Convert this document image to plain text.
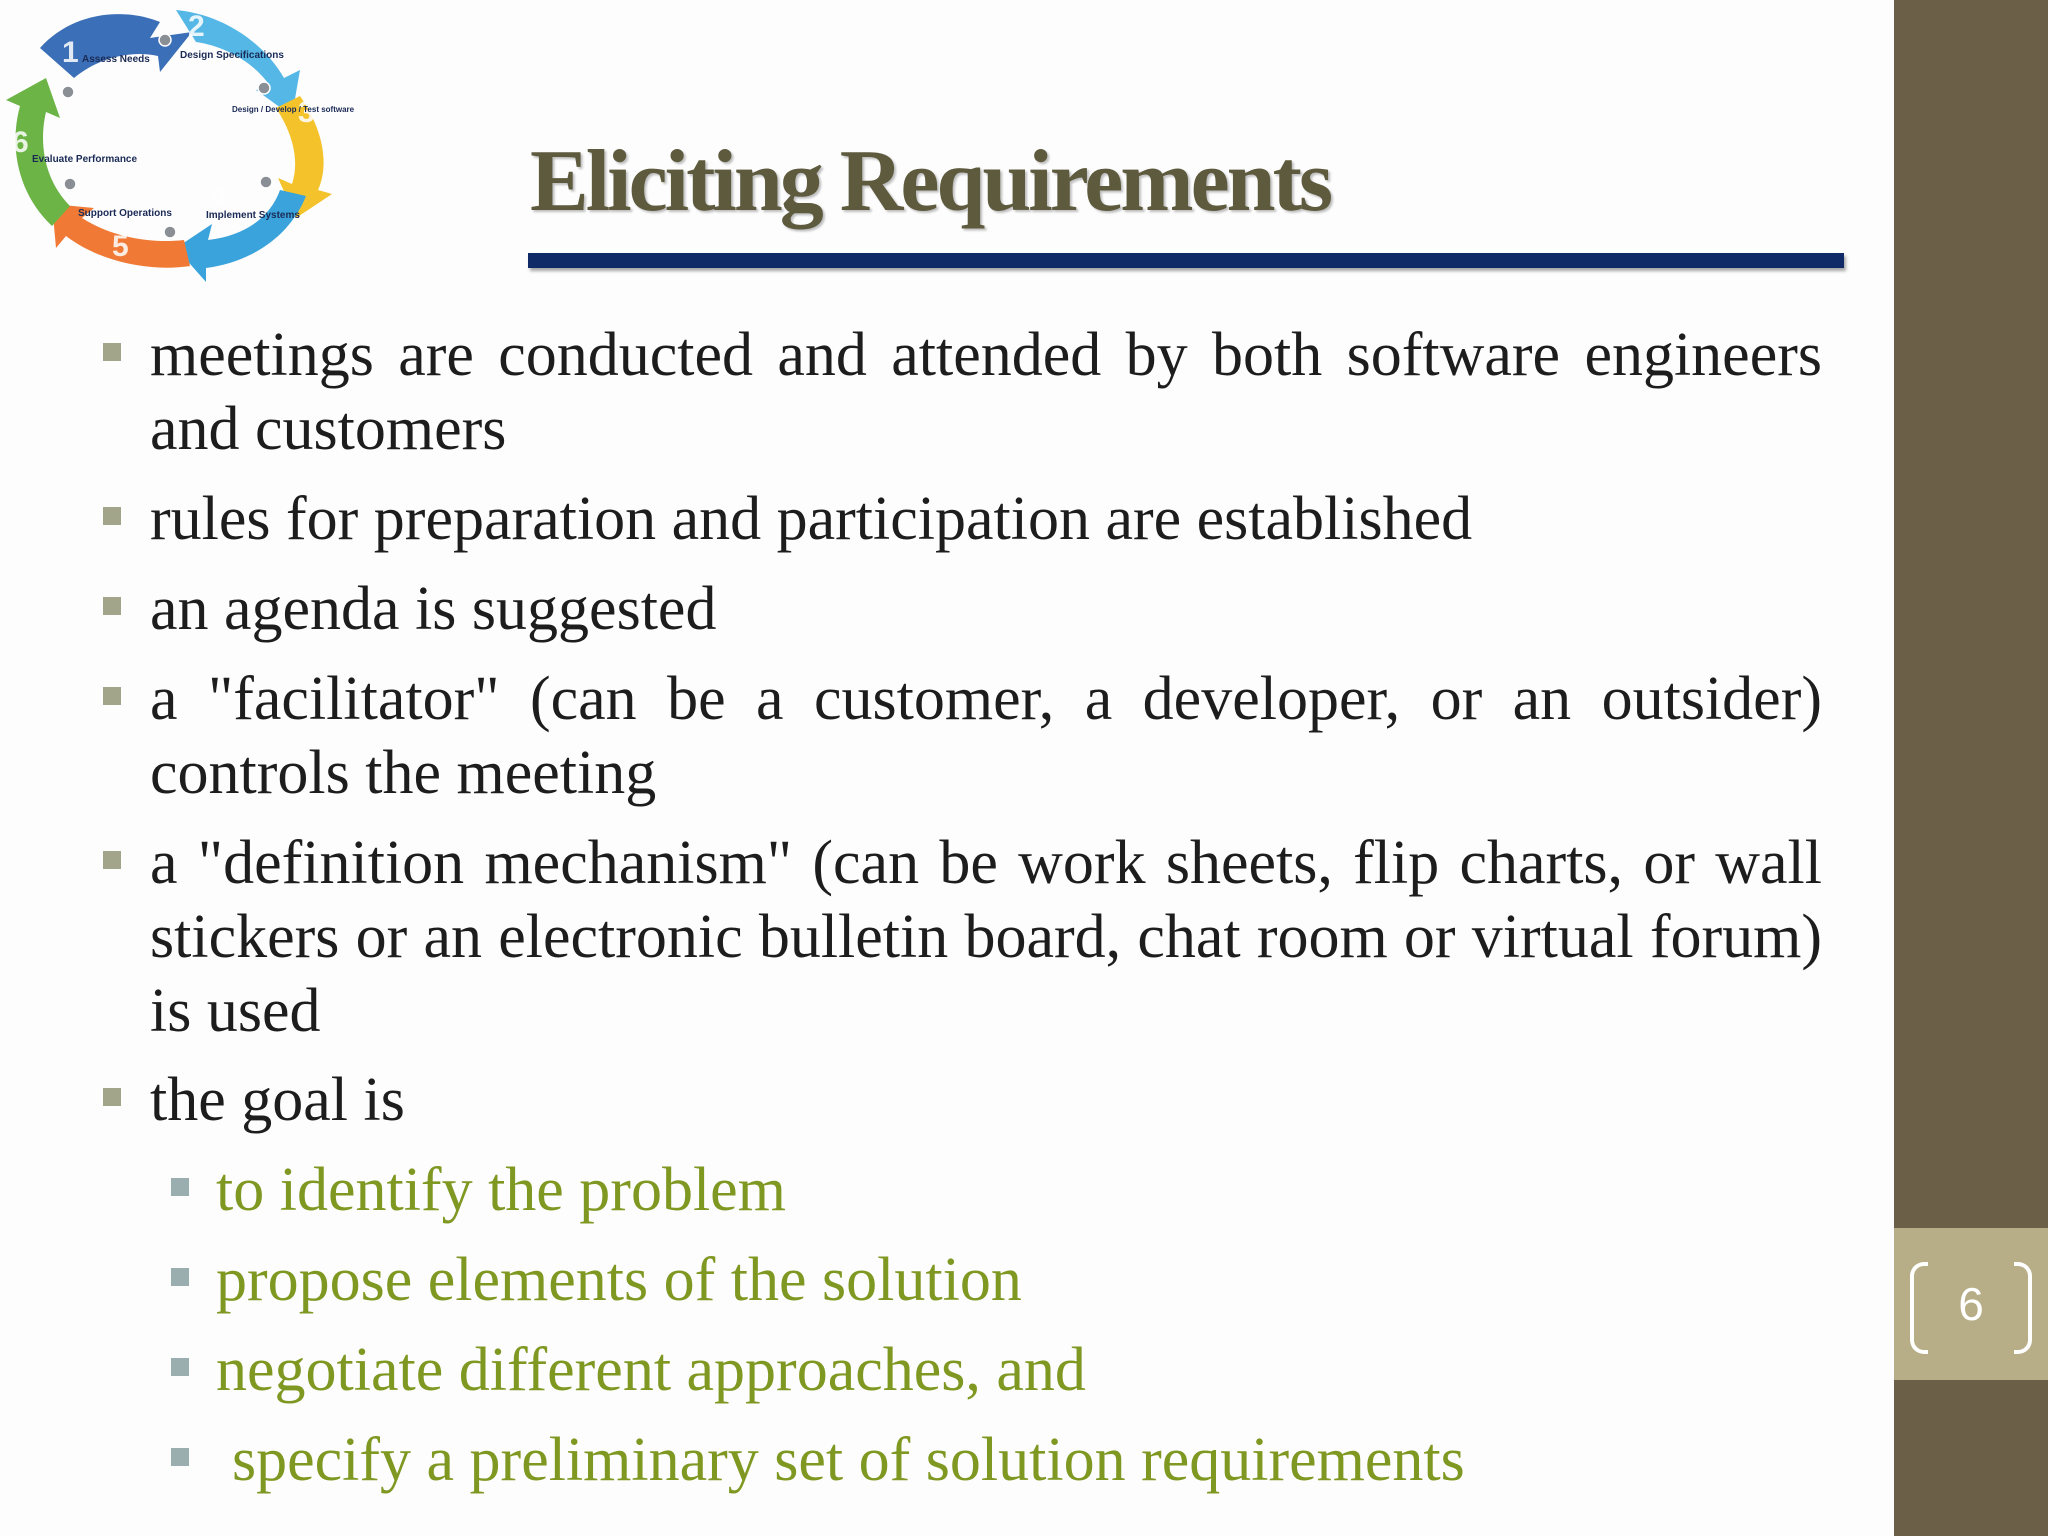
1
2
3
4
5
6
Assess Needs	Design Specifications
Design / Develop / Test software
Implement Systems
Support Operations
Evaluate Performance	Eliciting Requirements
meetings are conducted and attended by both software engineers and customers
rules for preparation and participation are established
an agenda is suggested
a "facilitator" (can be a customer, a developer, or an outsider) controls the meeting
a "definition mechanism" (can be work sheets, flip charts, or wall stickers or an electronic bulletin board, chat room or virtual forum) is used
the goal is
to identify the problem
propose elements of the solution
negotiate different approaches, and
specify a preliminary set of solution requirements
6
